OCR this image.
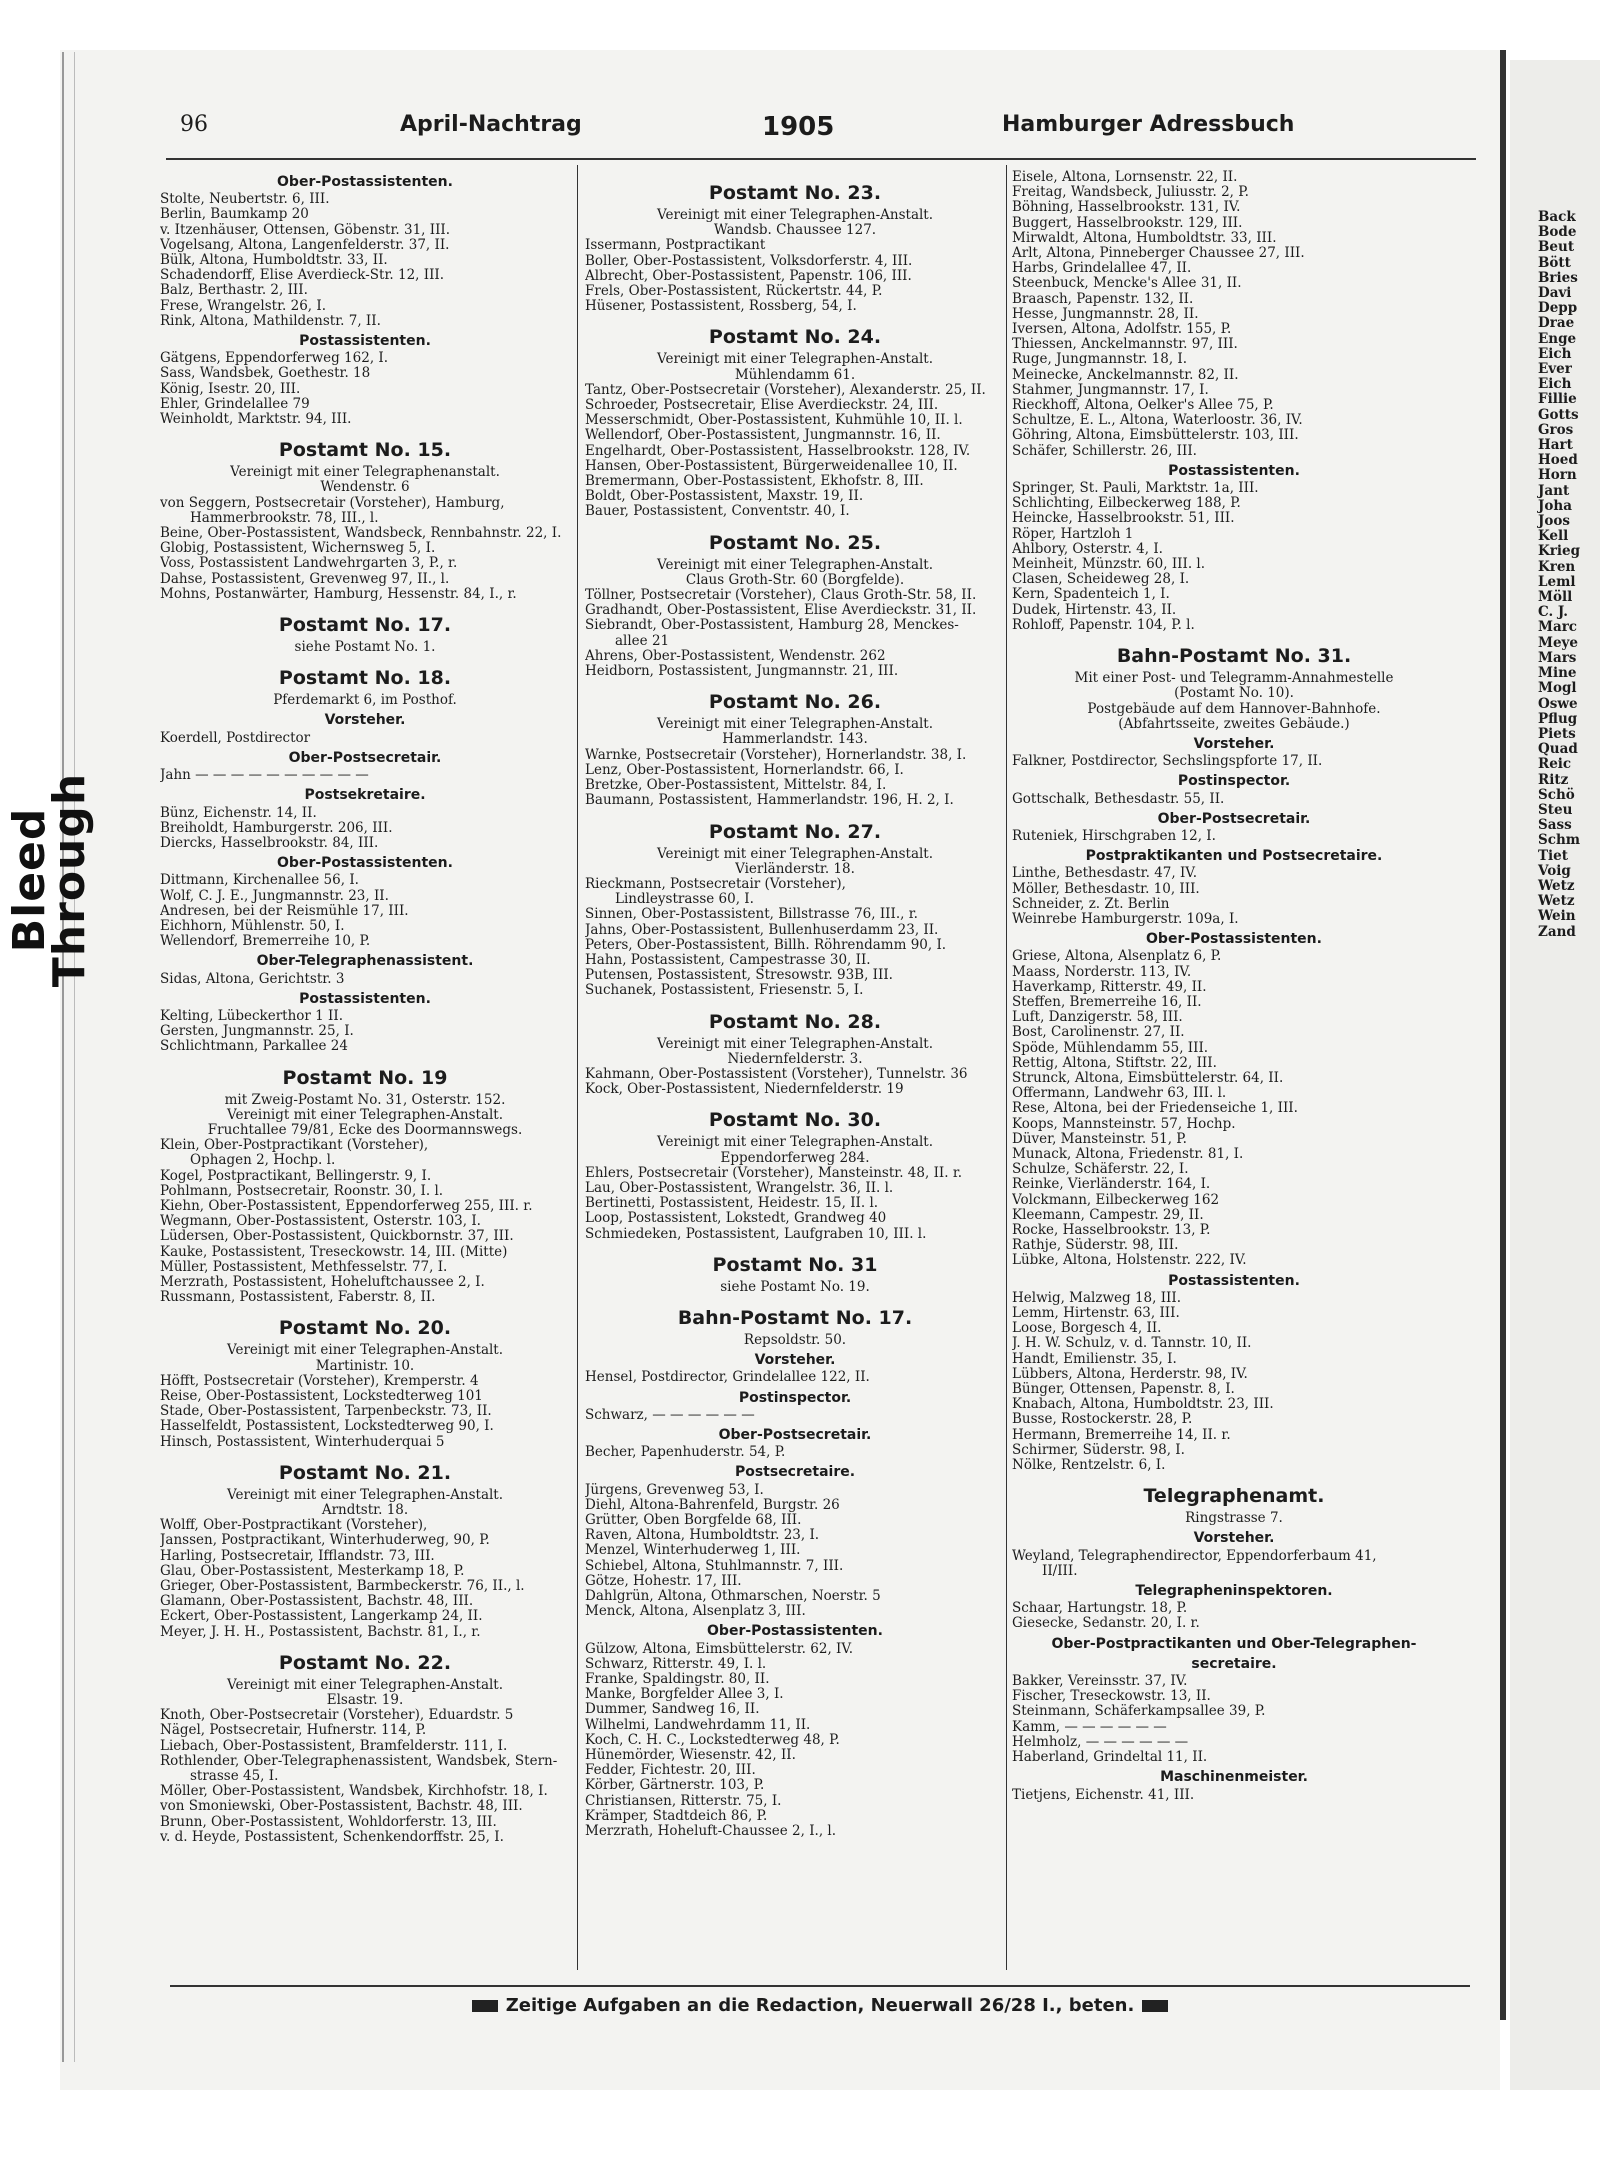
Bleed Through
96	April-Nachtrag	1905	Hamburger Adressbuch
Ober-Postassistenten.
Stolte, Neubertstr. 6, III.
Berlin, Baumkamp 20
v. Itzenhäuser, Ottensen, Göbenstr. 31, III.
Vogelsang, Altona, Langenfelderstr. 37, II.
Bülk, Altona, Humboldtstr. 33, II.
Schadendorff, Elise Averdieck-Str. 12, III.
Balz, Berthastr. 2, III.
Frese, Wrangelstr. 26, I.
Rink, Altona, Mathildenstr. 7, II.
Postassistenten.
Gätgens, Eppendorferweg 162, I.
Sass, Wandsbek, Goethestr. 18
König, Isestr. 20, III.
Ehler, Grindelallee 79
Weinholdt, Marktstr. 94, III.
Postamt No. 15.
Vereinigt mit einer Telegraphenanstalt.
Wendenstr. 6
von Seggern, Postsecretair (Vorsteher), Hamburg,
Hammerbrookstr. 78, III., l.
Beine, Ober-Postassistent, Wandsbeck, Rennbahnstr. 22, I.
Globig, Postassistent, Wichernsweg 5, I.
Voss, Postassistent Landwehrgarten 3, P., r.
Dahse, Postassistent, Grevenweg 97, II., l.
Mohns, Postanwärter, Hamburg, Hessenstr. 84, I., r.
Postamt No. 17.
siehe Postamt No. 1.
Postamt No. 18.
Pferdemarkt 6, im Posthof.
Vorsteher.
Koerdell, Postdirector
Ober-Postsecretair.
Jahn — — — — — — — — — —
Postsekretaire.
Bünz, Eichenstr. 14, II.
Breiholdt, Hamburgerstr. 206, III.
Diercks, Hasselbrookstr. 84, III.
Ober-Postassistenten.
Dittmann, Kirchenallee 56, I.
Wolf, C. J. E., Jungmannstr. 23, II.
Andresen, bei der Reismühle 17, III.
Eichhorn, Mühlenstr. 50, I.
Wellendorf, Bremerreihe 10, P.
Ober-Telegraphenassistent.
Sidas, Altona, Gerichtstr. 3
Postassistenten.
Kelting, Lübeckerthor 1 II.
Gersten, Jungmannstr. 25, I.
Schlichtmann, Parkallee 24
Postamt No. 19
mit Zweig-Postamt No. 31, Osterstr. 152.
Vereinigt mit einer Telegraphen-Anstalt.
Fruchtallee 79/81, Ecke des Doormannswegs.
Klein, Ober-Postpractikant (Vorsteher),
Ophagen 2, Hochp. l.
Kogel, Postpractikant, Bellingerstr. 9, I.
Pohlmann, Postsecretair, Roonstr. 30, I. l.
Kiehn, Ober-Postassistent, Eppendorferweg 255, III. r.
Wegmann, Ober-Postassistent, Osterstr. 103, I.
Lüdersen, Ober-Postassistent, Quickbornstr. 37, III.
Kauke, Postassistent, Treseckowstr. 14, III. (Mitte)
Müller, Postassistent, Methfesselstr. 77, I.
Merzrath, Postassistent, Hoheluftchaussee 2, I.
Russmann, Postassistent, Faberstr. 8, II.
Postamt No. 20.
Vereinigt mit einer Telegraphen-Anstalt.
Martinistr. 10.
Höfft, Postsecretair (Vorsteher), Kremperstr. 4
Reise, Ober-Postassistent, Lockstedterweg 101
Stade, Ober-Postassistent, Tarpenbeckstr. 73, II.
Hasselfeldt, Postassistent, Lockstedterweg 90, I.
Hinsch, Postassistent, Winterhuderquai 5
Postamt No. 21.
Vereinigt mit einer Telegraphen-Anstalt.
Arndtstr. 18.
Wolff, Ober-Postpractikant (Vorsteher),
Janssen, Postpractikant, Winterhuderweg, 90, P.
Harling, Postsecretair, Ifflandstr. 73, III.
Glau, Ober-Postassistent, Mesterkamp 18, P.
Grieger, Ober-Postassistent, Barmbeckerstr. 76, II., l.
Glamann, Ober-Postassistent, Bachstr. 48, III.
Eckert, Ober-Postassistent, Langerkamp 24, II.
Meyer, J. H. H., Postassistent, Bachstr. 81, I., r.
Postamt No. 22.
Vereinigt mit einer Telegraphen-Anstalt.
Elsastr. 19.
Knoth, Ober-Postsecretair (Vorsteher), Eduardstr. 5
Nägel, Postsecretair, Hufnerstr. 114, P.
Liebach, Ober-Postassistent, Bramfelderstr. 111, I.
Rothlender, Ober-Telegraphenassistent, Wandsbek, Stern-
strasse 45, I.
Möller, Ober-Postassistent, Wandsbek, Kirchhofstr. 18, I.
von Smoniewski, Ober-Postassistent, Bachstr. 48, III.
Brunn, Ober-Postassistent, Wohldorferstr. 13, III.
v. d. Heyde, Postassistent, Schenkendorffstr. 25, I.
Postamt No. 23.
Vereinigt mit einer Telegraphen-Anstalt.
Wandsb. Chaussee 127.
Issermann, Postpractikant
Boller, Ober-Postassistent, Volksdorferstr. 4, III.
Albrecht, Ober-Postassistent, Papenstr. 106, III.
Frels, Ober-Postassistent, Rückertstr. 44, P.
Hüsener, Postassistent, Rossberg, 54, I.
Postamt No. 24.
Vereinigt mit einer Telegraphen-Anstalt.
Mühlendamm 61.
Tantz, Ober-Postsecretair (Vorsteher), Alexanderstr. 25, II.
Schroeder, Postsecretair, Elise Averdieckstr. 24, III.
Messerschmidt, Ober-Postassistent, Kuhmühle 10, II. l.
Wellendorf, Ober-Postassistent, Jungmannstr. 16, II.
Engelhardt, Ober-Postassistent, Hasselbrookstr. 128, IV.
Hansen, Ober-Postassistent, Bürgerweidenallee 10, II.
Bremermann, Ober-Postassistent, Ekhofstr. 8, III.
Boldt, Ober-Postassistent, Maxstr. 19, II.
Bauer, Postassistent, Conventstr. 40, I.
Postamt No. 25.
Vereinigt mit einer Telegraphen-Anstalt.
Claus Groth-Str. 60 (Borgfelde).
Töllner, Postsecretair (Vorsteher), Claus Groth-Str. 58, II.
Gradhandt, Ober-Postassistent, Elise Averdieckstr. 31, II.
Siebrandt, Ober-Postassistent, Hamburg 28, Menckes-
allee 21
Ahrens, Ober-Postassistent, Wendenstr. 262
Heidborn, Postassistent, Jungmannstr. 21, III.
Postamt No. 26.
Vereinigt mit einer Telegraphen-Anstalt.
Hammerlandstr. 143.
Warnke, Postsecretair (Vorsteher), Hornerlandstr. 38, I.
Lenz, Ober-Postassistent, Hornerlandstr. 66, I.
Bretzke, Ober-Postassistent, Mittelstr. 84, I.
Baumann, Postassistent, Hammerlandstr. 196, H. 2, I.
Postamt No. 27.
Vereinigt mit einer Telegraphen-Anstalt.
Vierländerstr. 18.
Rieckmann, Postsecretair (Vorsteher),
Lindleystrasse 60, I.
Sinnen, Ober-Postassistent, Billstrasse 76, III., r.
Jahns, Ober-Postassistent, Bullenhuserdamm 23, II.
Peters, Ober-Postassistent, Billh. Röhrendamm 90, I.
Hahn, Postassistent, Campestrasse 30, II.
Putensen, Postassistent, Stresowstr. 93B, III.
Suchanek, Postassistent, Friesenstr. 5, I.
Postamt No. 28.
Vereinigt mit einer Telegraphen-Anstalt.
Niedernfelderstr. 3.
Kahmann, Ober-Postassistent (Vorsteher), Tunnelstr. 36
Kock, Ober-Postassistent, Niedernfelderstr. 19
Postamt No. 30.
Vereinigt mit einer Telegraphen-Anstalt.
Eppendorferweg 284.
Ehlers, Postsecretair (Vorsteher), Mansteinstr. 48, II. r.
Lau, Ober-Postassistent, Wrangelstr. 36, II. l.
Bertinetti, Postassistent, Heidestr. 15, II. l.
Loop, Postassistent, Lokstedt, Grandweg 40
Schmiedeken, Postassistent, Laufgraben 10, III. l.
Postamt No. 31
siehe Postamt No. 19.
Bahn-Postamt No. 17.
Repsoldstr. 50.
Vorsteher.
Hensel, Postdirector, Grindelallee 122, II.
Postinspector.
Schwarz, — — — — — —
Ober-Postsecretair.
Becher, Papenhuderstr. 54, P.
Postsecretaire.
Jürgens, Grevenweg 53, I.
Diehl, Altona-Bahrenfeld, Burgstr. 26
Grütter, Oben Borgfelde 68, III.
Raven, Altona, Humboldtstr. 23, I.
Menzel, Winterhuderweg 1, III.
Schiebel, Altona, Stuhlmannstr. 7, III.
Götze, Hohestr. 17, III.
Dahlgrün, Altona, Othmarschen, Noerstr. 5
Menck, Altona, Alsenplatz 3, III.
Ober-Postassistenten.
Gülzow, Altona, Eimsbüttelerstr. 62, IV.
Schwarz, Ritterstr. 49, I. l.
Franke, Spaldingstr. 80, II.
Manke, Borgfelder Allee 3, I.
Dummer, Sandweg 16, II.
Wilhelmi, Landwehrdamm 11, II.
Koch, C. H. C., Lockstedterweg 48, P.
Hünemörder, Wiesenstr. 42, II.
Fedder, Fichtestr. 20, III.
Körber, Gärtnerstr. 103, P.
Christiansen, Ritterstr. 75, I.
Krämper, Stadtdeich 86, P.
Merzrath, Hoheluft-Chaussee 2, I., l.
Eisele, Altona, Lornsenstr. 22, II.
Freitag, Wandsbeck, Juliusstr. 2, P.
Böhning, Hasselbrookstr. 131, IV.
Buggert, Hasselbrookstr. 129, III.
Mirwaldt, Altona, Humboldtstr. 33, III.
Arlt, Altona, Pinneberger Chaussee 27, III.
Harbs, Grindelallee 47, II.
Steenbuck, Mencke's Allee 31, II.
Braasch, Papenstr. 132, II.
Hesse, Jungmannstr. 28, II.
Iversen, Altona, Adolfstr. 155, P.
Thiessen, Anckelmannstr. 97, III.
Ruge, Jungmannstr. 18, I.
Meinecke, Anckelmannstr. 82, II.
Stahmer, Jungmannstr. 17, I.
Rieckhoff, Altona, Oelker's Allee 75, P.
Schultze, E. L., Altona, Waterloostr. 36, IV.
Göhring, Altona, Eimsbüttelerstr. 103, III.
Schäfer, Schillerstr. 26, III.
Postassistenten.
Springer, St. Pauli, Marktstr. 1a, III.
Schlichting, Eilbeckerweg 188, P.
Heincke, Hasselbrookstr. 51, III.
Röper, Hartzloh 1
Ahlbory, Osterstr. 4, I.
Meinheit, Münzstr. 60, III. l.
Clasen, Scheideweg 28, I.
Kern, Spadenteich 1, I.
Dudek, Hirtenstr. 43, II.
Rohloff, Papenstr. 104, P. l.
Bahn-Postamt No. 31.
Mit einer Post- und Telegramm-Annahmestelle
(Postamt No. 10).
Postgebäude auf dem Hannover-Bahnhofe.
(Abfahrtsseite, zweites Gebäude.)
Vorsteher.
Falkner, Postdirector, Sechslingspforte 17, II.
Postinspector.
Gottschalk, Bethesdastr. 55, II.
Ober-Postsecretair.
Ruteniek, Hirschgraben 12, I.
Postpraktikanten und Postsecretaire.
Linthe, Bethesdastr. 47, IV.
Möller, Bethesdastr. 10, III.
Schneider, z. Zt. Berlin
Weinrebe Hamburgerstr. 109a, I.
Ober-Postassistenten.
Griese, Altona, Alsenplatz 6, P.
Maass, Norderstr. 113, IV.
Haverkamp, Ritterstr. 49, II.
Steffen, Bremerreihe 16, II.
Luft, Danzigerstr. 58, III.
Bost, Carolinenstr. 27, II.
Spöde, Mühlendamm 55, III.
Rettig, Altona, Stiftstr. 22, III.
Strunck, Altona, Eimsbüttelerstr. 64, II.
Offermann, Landwehr 63, III. l.
Rese, Altona, bei der Friedenseiche 1, III.
Koops, Mannsteinstr. 57, Hochp.
Düver, Mansteinstr. 51, P.
Munack, Altona, Friedenstr. 81, I.
Schulze, Schäferstr. 22, I.
Reinke, Vierländerstr. 164, I.
Volckmann, Eilbeckerweg 162
Kleemann, Campestr. 29, II.
Rocke, Hasselbrookstr. 13, P.
Rathje, Süderstr. 98, III.
Lübke, Altona, Holstenstr. 222, IV.
Postassistenten.
Helwig, Malzweg 18, III.
Lemm, Hirtenstr. 63, III.
Loose, Borgesch 4, II.
J. H. W. Schulz, v. d. Tannstr. 10, II.
Handt, Emilienstr. 35, I.
Lübbers, Altona, Herderstr. 98, IV.
Bünger, Ottensen, Papenstr. 8, I.
Knabach, Altona, Humboldtstr. 23, III.
Busse, Rostockerstr. 28, P.
Hermann, Bremerreihe 14, II. r.
Schirmer, Süderstr. 98, I.
Nölke, Rentzelstr. 6, I.
Telegraphenamt.
Ringstrasse 7.
Vorsteher.
Weyland, Telegraphendirector, Eppendorferbaum 41,
II/III.
Telegrapheninspektoren.
Schaar, Hartungstr. 18, P.
Giesecke, Sedanstr. 20, I. r.
Ober-Postpractikanten und Ober-Telegraphen-
secretaire.
Bakker, Vereinsstr. 37, IV.
Fischer, Treseckowstr. 13, II.
Steinmann, Schäferkampsallee 39, P.
Kamm, — — — — — —
Helmholz, — — — — — —
Haberland, Grindeltal 11, II.
Maschinenmeister.
Tietjens, Eichenstr. 41, III.
Zeitige Aufgaben an die Redaction, Neuerwall 26/28 I., beten.
Back
Bode
Beut
Bött
Bries
Davi
Depp
Drae
Enge
Eich
Ever
Eich
Fillie
Gotts
Gros
Hart
Hoed
Horn
Jant
Joha
Joos
Kell
Krieg
Kren
Leml
Möll
C. J.
Marc
Meye
Mars
Mine
Mogl
Oswe
Pflug
Piets
Quad
Reic
Ritz
Schö
Steu
Sass
Schm
Tiet
Voig
Wetz
Wetz
Wein
Zand
